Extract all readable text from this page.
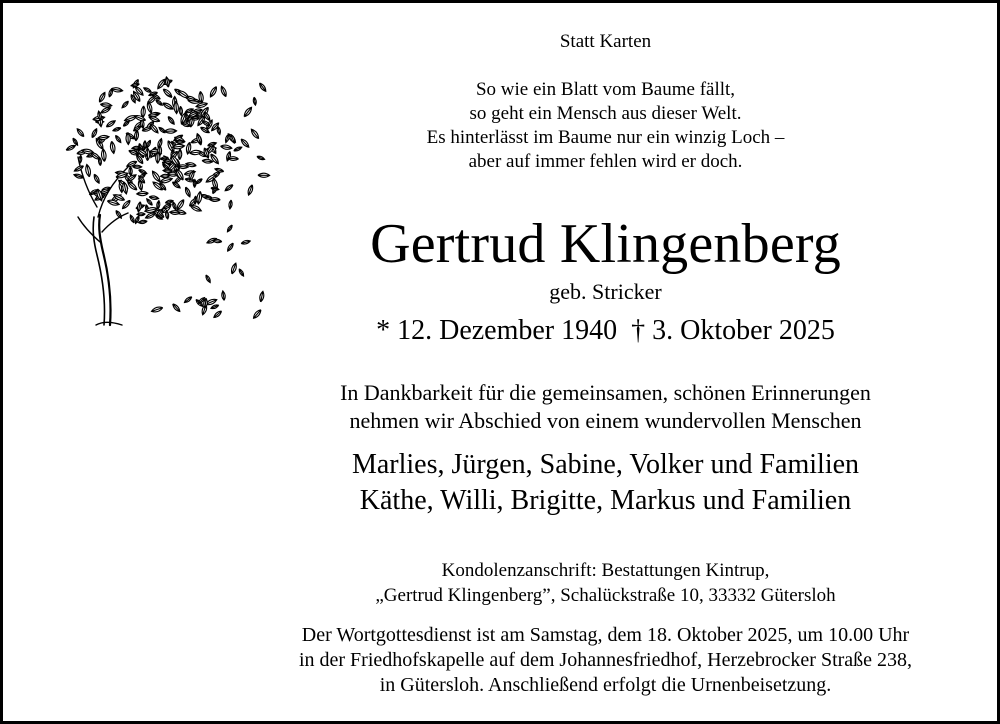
Statt Karten
So wie ein Blatt vom Baume fällt,
so geht ein Mensch aus dieser Welt.
Es hinterlässt im Baume nur ein winzig Loch –
aber auf immer fehlen wird er doch.
Gertrud Klingenberg
geb. Stricker
* 12. Dezember 1940  † 3. Oktober 2025
In Dankbarkeit für die gemeinsamen, schönen Erinnerungen
nehmen wir Abschied von einem wundervollen Menschen
Marlies, Jürgen, Sabine, Volker und Familien
Käthe, Willi, Brigitte, Markus und Familien
Kondolenzanschrift: Bestattungen Kintrup,
„Gertrud Klingenberg”, Schalückstraße 10, 33332 Gütersloh
Der Wortgottesdienst ist am Samstag, dem 18. Oktober 2025, um 10.00 Uhr
in der Friedhofskapelle auf dem Johannesfriedhof, Herzebrocker Straße 238,
in Gütersloh. Anschließend erfolgt die Urnenbeisetzung.
